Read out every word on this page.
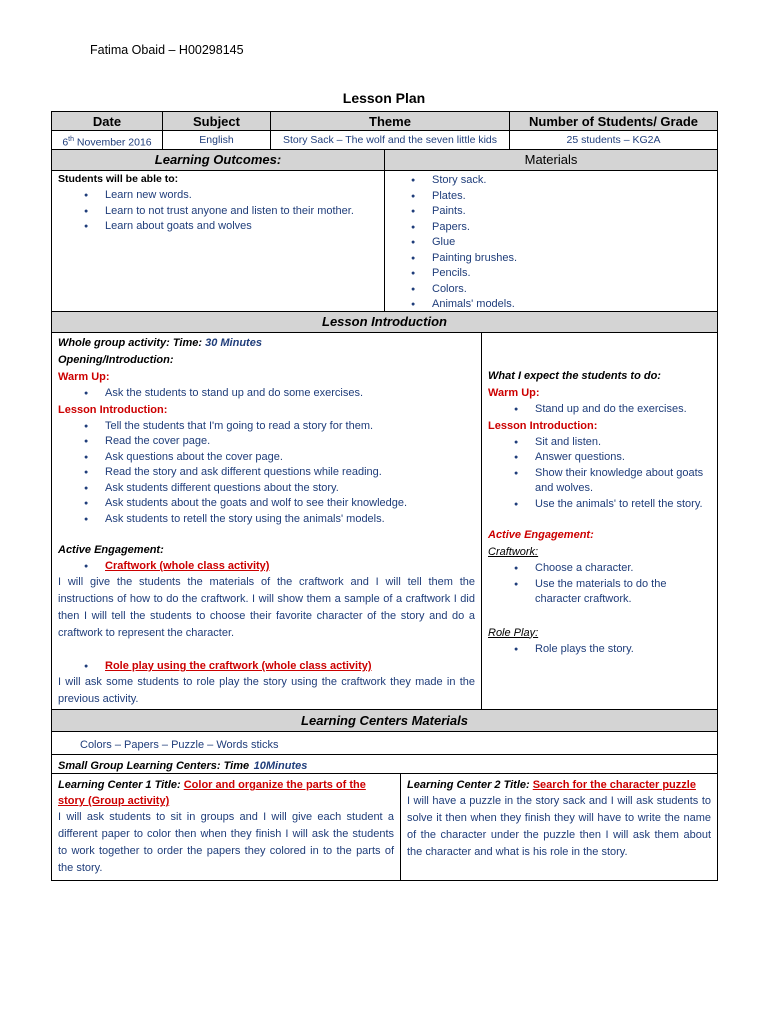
Fatima Obaid – H00298145
Lesson Plan
Date	Subject	Theme	Number of Students/ Grade
6th November 2016	English	Story Sack – The wolf and the seven little kids	25 students – KG2A
Learning Outcomes:	Materials
Students will be able to:
● Learn new words.
● Learn to not trust anyone and listen to their mother.
● Learn about goats and wolves
● Story sack.
● Plates.
● Paints.
● Papers.
● Glue
● Painting brushes.
● Pencils.
● Colors.
● Animals' models.
Lesson Introduction
Whole group activity: Time: 30 Minutes
Opening/Introduction:
Warm Up:
● Ask the students to stand up and do some exercises.
Lesson Introduction:
● Tell the students that I'm going to read a story for them.
● Read the cover page.
● Ask questions about the cover page.
● Read the story and ask different questions while reading.
● Ask students different questions about the story.
● Ask students about the goats and wolf to see their knowledge.
● Ask students to retell the story using the animals' models.
Active Engagement:
● Craftwork (whole class activity)
I will give the students the materials of the craftwork and I will tell them the instructions of how to do the craftwork. I will show them a sample of a craftwork I did then I will tell the students to choose their favorite character of the story and do a craftwork to represent the character.
● Role play using the craftwork (whole class activity)
I will ask some students to role play the story using the craftwork they made in the previous activity.
What I expect the students to do:
Warm Up:
● Stand up and do the exercises.
Lesson Introduction:
● Sit and listen.
● Answer questions.
● Show their knowledge about goats and wolves.
● Use the animals' to retell the story.
Active Engagement:
Craftwork:
● Choose a character.
● Use the materials to do the character craftwork.
Role Play:
● Role plays the story.
Learning Centers Materials
Colors – Papers – Puzzle – Words sticks
Small Group Learning Centers: Time 10Minutes
Learning Center 1 Title: Color and organize the parts of the story (Group activity)
I will ask students to sit in groups and I will give each student a different paper to color then when they finish I will ask the students to work together to order the papers they colored in to the parts of the story.
Learning Center 2 Title: Search for the character puzzle
I will have a puzzle in the story sack and I will ask students to solve it then when they finish they will have to write the name of the character under the puzzle then I will ask them about the character and what is his role in the story.
